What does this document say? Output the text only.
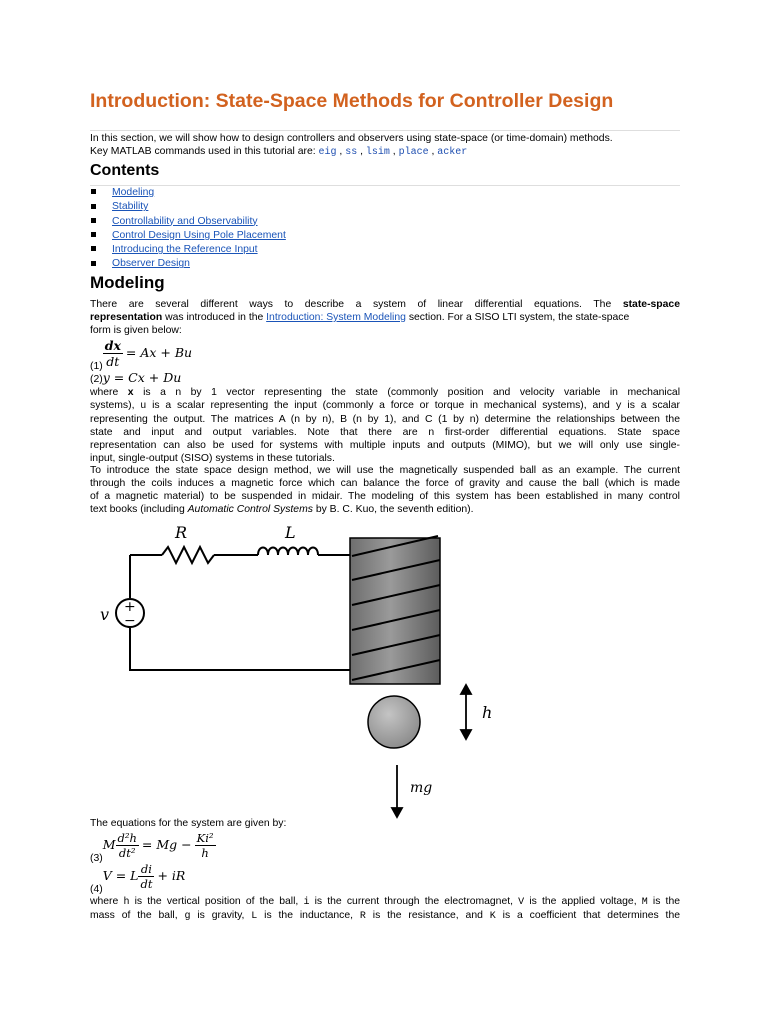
Introduction: State-Space Methods for Controller Design
In this section, we will show how to design controllers and observers using state-space (or time-domain) methods.
Key MATLAB commands used in this tutorial are: eig , ss , lsim , place , acker
Contents
Modeling
Stability
Controllability and Observability
Control Design Using Pole Placement
Introducing the Reference Input
Observer Design
Modeling
There are several different ways to describe a system of linear differential equations. The state-space
representation was introduced in the Introduction: System Modeling section. For a SISO LTI system, the state-space
form is given below:
$_{(1)} \frac{dx}{dt} = Ax + Bu$
(2)y = Cx + Du
where x is a n by 1 vector representing the state (commonly position and velocity variable in mechanical
systems), u is a scalar representing the input (commonly a force or torque in mechanical systems), and y is a scalar
representing the output. The matrices A (n by n), B (n by 1), and C (1 by n) determine the relationships between the
state and input and output variables. Note that there are n first-order differential equations. State space
representation can also be used for systems with multiple inputs and outputs (MIMO), but we will only use single-
input, single-output (SISO) systems in these tutorials.
To introduce the state space design method, we will use the magnetically suspended ball as an example. The current
through the coils induces a magnetic force which can balance the force of gravity and cause the ball (which is made
of a magnetic material) to be suspended in midair. The modeling of this system has been established in many control
text books (including Automatic Control Systems by B. C. Kuo, the seventh edition).
+
−
v
R	L
h
mg
The equations for the system are given by:
$_{(3)}M \frac{\text{d²h}}{\text{dt²}} = Mg - \frac{\text{Ki²}}{h}$
$_{(4)}$V = L $\frac{di}{dt}$ + iR
where h is the vertical position of the ball, i is the current through the electromagnet, V is the applied voltage, M is the
mass of the ball, g is gravity, L is the inductance, R is the resistance, and K is a coefficient that determines the
